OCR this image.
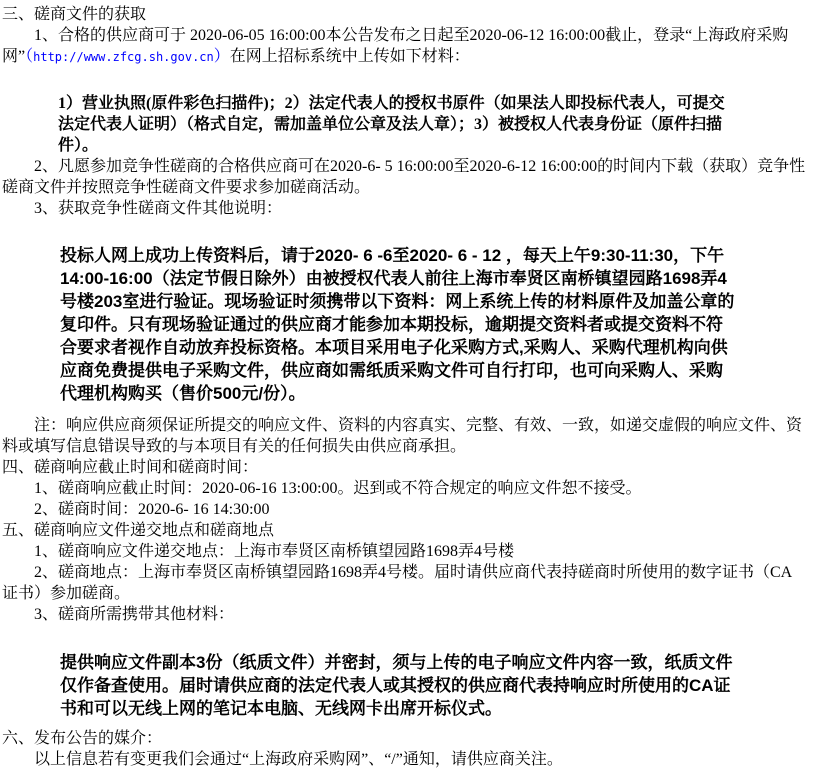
三、磋商文件的获取

1、合格的供应商可于 2020-06-05 16:00:00本公告发布之日起至2020-06-12 16:00:00截止，登录“上海政府采购网”（http://www.zfcg.sh.gov.cn）在网上招标系统中上传如下材料：

1）营业执照(原件彩色扫描件)；2）法定代表人的授权书原件（如果法人即投标代表人，可提交法定代表人证明）（格式自定，需加盖单位公章及法人章）；3）被授权人代表身份证（原件扫描件）。

2、凡愿参加竞争性磋商的合格供应商可在2020-6- 5 16:00:00至2020-6-12 16:00:00的时间内下载（获取）竞争性磋商文件并按照竞争性磋商文件要求参加磋商活动。

3、获取竞争性磋商文件其他说明：

投标人网上成功上传资料后，请于2020- 6 -6至2020- 6 - 12 ，每天上午9:30-11:30，下午14:00-16:00（法定节假日除外）由被授权代表人前往上海市奉贤区南桥镇望园路1698弄4号楼203室进行验证。现场验证时须携带以下资料：网上系统上传的材料原件及加盖公章的复印件。只有现场验证通过的供应商才能参加本期投标，逾期提交资料者或提交资料不符合要求者视作自动放弃投标资格。本项目采用电子化采购方式,采购人、采购代理机构向供应商免费提供电子采购文件，供应商如需纸质采购文件可自行打印，也可向采购人、采购代理机构购买（售价500元/份）。

注：响应供应商须保证所提交的响应文件、资料的内容真实、完整、有效、一致，如递交虚假的响应文件、资料或填写信息错误导致的与本项目有关的任何损失由供应商承担。

四、磋商响应截止时间和磋商时间：

1、磋商响应截止时间：2020-06-16 13:00:00。迟到或不符合规定的响应文件恕不接受。

2、磋商时间：2020-6- 16 14:30:00

五、磋商响应文件递交地点和磋商地点

1、磋商响应文件递交地点：上海市奉贤区南桥镇望园路1698弄4号楼

2、磋商地点：上海市奉贤区南桥镇望园路1698弄4号楼。届时请供应商代表持磋商时所使用的数字证书（CA证书）参加磋商。

3、磋商所需携带其他材料：

提供响应文件副本3份（纸质文件）并密封，须与上传的电子响应文件内容一致，纸质文件仅作备查使用。届时请供应商的法定代表人或其授权的供应商代表持响应时所使用的CA证书和可以无线上网的笔记本电脑、无线网卡出席开标仪式。
六、发布公告的媒介：

以上信息若有变更我们会通过“上海政府采购网”、“/”通知，请供应商关注。
